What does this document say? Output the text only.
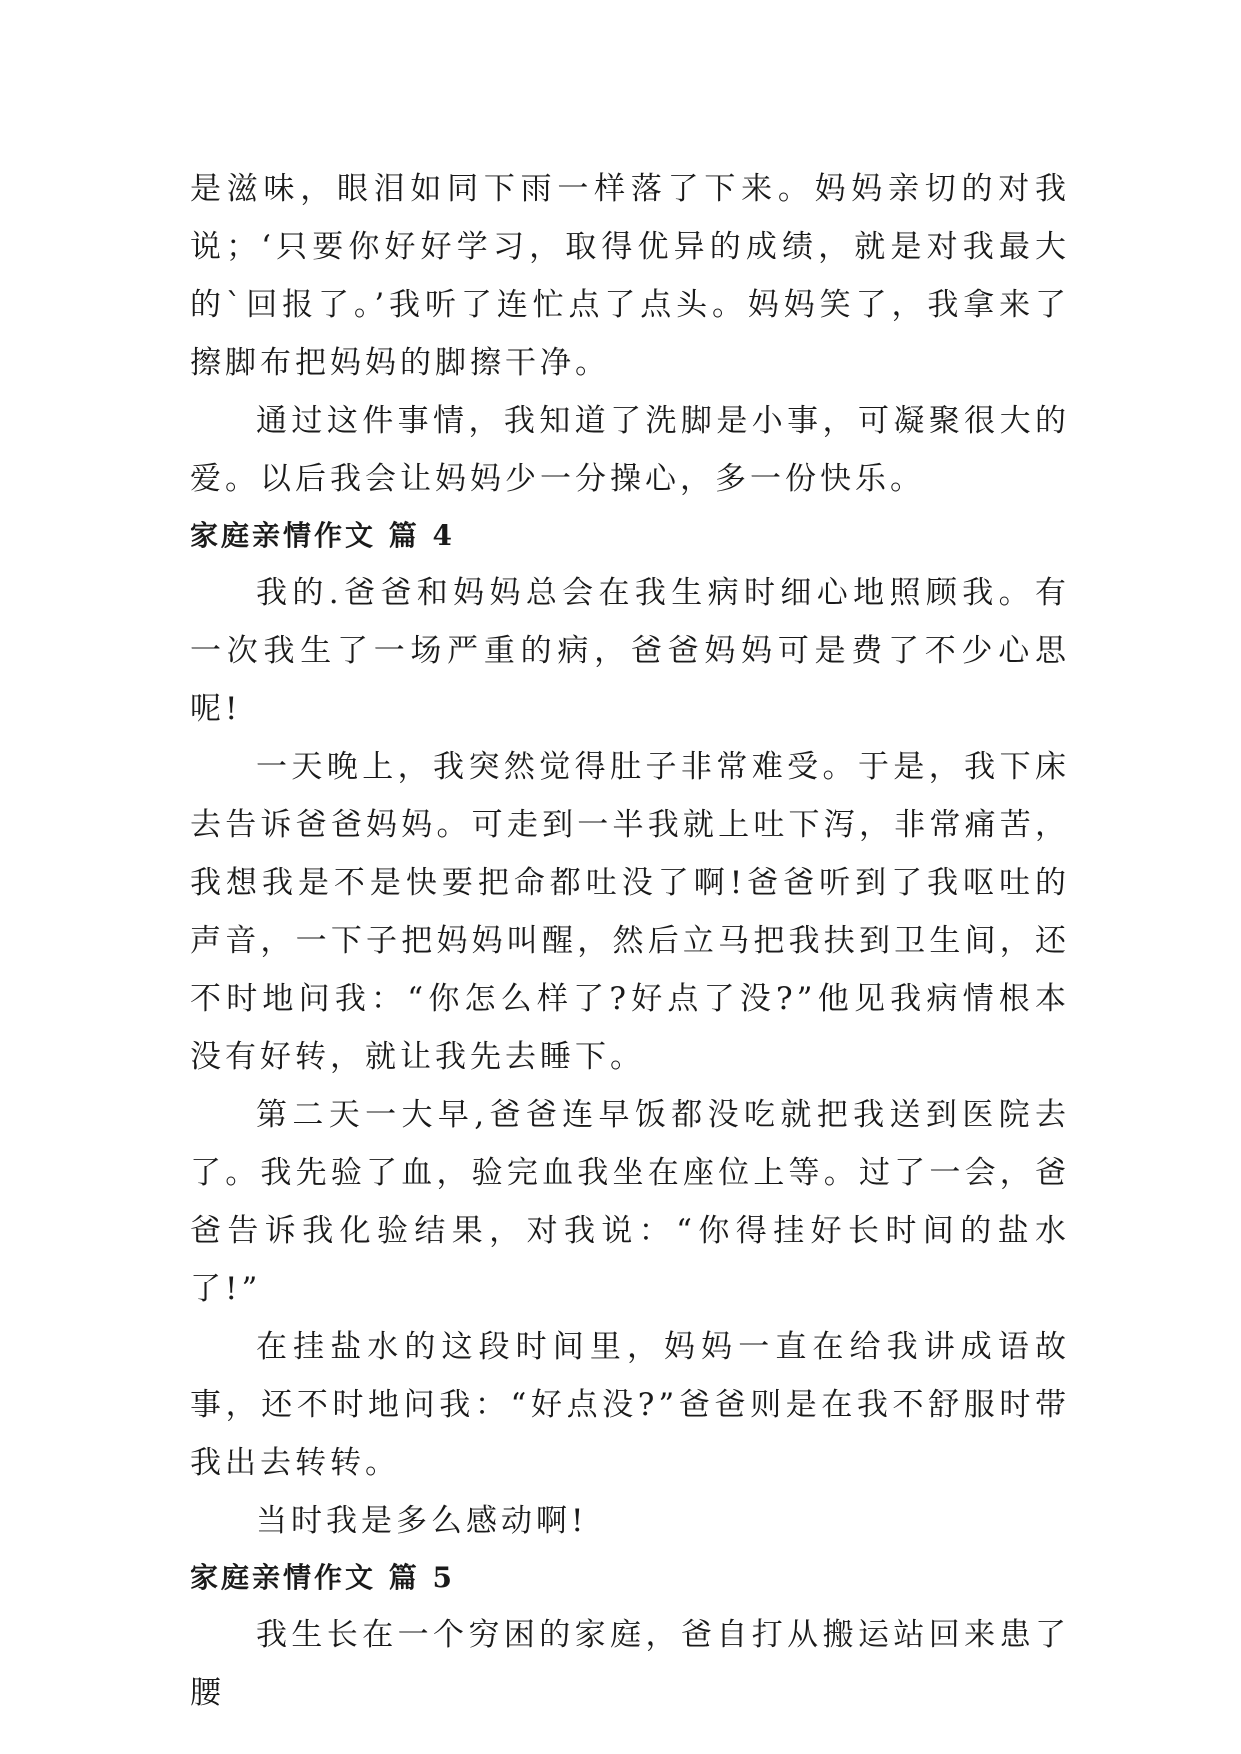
是滋味，眼泪如同下雨一样落了下来。妈妈亲切的对我说；‘只要你好好学习，取得优异的成绩，就是对我最大的`回报了。’我听了连忙点了点头。妈妈笑了，我拿来了擦脚布把妈妈的脚擦干净。

通过这件事情，我知道了洗脚是小事，可凝聚很大的爱。以后我会让妈妈少一分操心，多一份快乐。

家庭亲情作文 篇 4

我的.爸爸和妈妈总会在我生病时细心地照顾我。有一次我生了一场严重的病，爸爸妈妈可是费了不少心思呢!

一天晚上，我突然觉得肚子非常难受。于是，我下床去告诉爸爸妈妈。可走到一半我就上吐下泻，非常痛苦，我想我是不是快要把命都吐没了啊!爸爸听到了我呕吐的声音，一下子把妈妈叫醒，然后立马把我扶到卫生间，还不时地问我：“你怎么样了?好点了没?”他见我病情根本没有好转，就让我先去睡下。

第二天一大早,爸爸连早饭都没吃就把我送到医院去了。我先验了血，验完血我坐在座位上等。过了一会，爸爸告诉我化验结果，对我说：“你得挂好长时间的盐水了!”

在挂盐水的这段时间里，妈妈一直在给我讲成语故事，还不时地问我：“好点没?”爸爸则是在我不舒服时带我出去转转。

当时我是多么感动啊!

家庭亲情作文 篇 5

我生长在一个穷困的家庭，爸自打从搬运站回来患了腰
